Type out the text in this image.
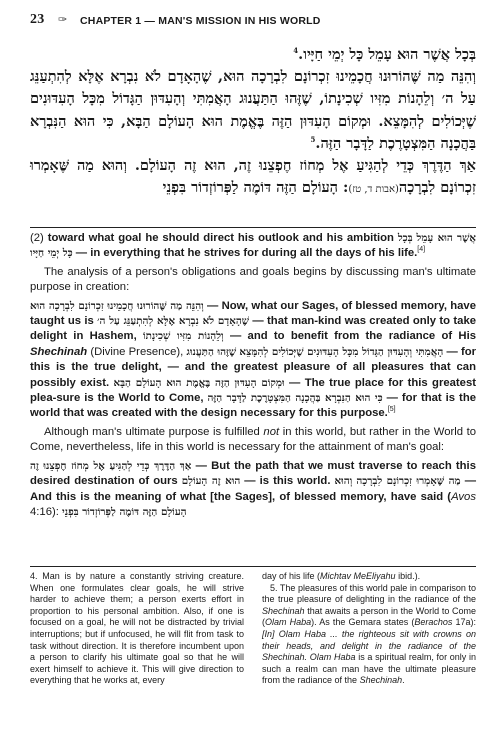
23 ✑ CHAPTER 1 — MAN'S MISSION IN HIS WORLD

בְּכָל אֲשֶׁר הוּא עָמֵל כָּל יְמֵי חַיָּיו.$^4$

וְהִנֵּה מַה שֶּׁהוֹרוּנוּ חֲכָמֵינוּ זִכְרוֹנָם לִבְרָכָה הוּא, שֶׁהָאָדָם לֹא נִבְרָא אֶלָּא לְהִתְעַנֵּג עַל ה׳ וְלֵהָנוֹת מִזִּיו שְׁכִינָתוֹ, שֶׁזֶּהוּ הַתַּעֲנוּג הָאֲמִתִּי וְהָעִדּוּן הַגָּדוֹל מִכָּל הָעִדּוּנִים שֶׁיְּכוֹלִים לְהִמָּצֵא. וּמְקוֹם הָעִדּוּן הַזֶּה בֶּאֱמֶת הוּא הָעוֹלָם הַבָּא, כִּי הוּא הַנִּבְרָא בַּהֲכָנָה הַמִּצְטָרֶכֶת לַדָּבָר הַזֶּה.$^5$

אַךְ הַדֶּרֶךְ כְּדֵי לְהַגִּיעַ אֶל מְחוֹז חֶפְצֵנוּ זֶה, הוּא זֶה הָעוֹלָם. וְהוּא מַה שֶּׁאָמְרוּ זִכְרוֹנָם לִבְרָכָה(אבות ד, טז): הָעוֹלָם הַזֶּה דּוֹמֶה לַפְּרוֹזְדוֹר בִּפְנֵי

(2) toward what goal he should direct his outlook and his ambition בְּכָל אֲשֶׁר הוּא עָמֵל כָּל יְמֵי חַיָּיו — in everything that he strives for during all the days of his life.[4]

The analysis of a person's obligations and goals begins by discussing man's ultimate purpose in creation:

וְהִנֵּה מַה שֶּׁהוֹרוּנוּ חֲכָמֵינוּ זִכְרוֹנָם לִבְרָכָה הוּא — Now, what our Sages, of blessed memory, have taught us is שֶׁהָאָדָם לֹא נִבְרָא אֶלָּא לְהִתְעַנֵּג עַל ה׳ — that man-kind was created only to take delight in Hashem, וְלֵהָנוֹת מִזִּיו שְׁכִינָתוֹ — and to benefit from the radiance of His Shechinah (Divine Presence), שֶׁזֶּהוּ הַתַּעֲנוּג הָאֲמִתִּי וְהָעִדּוּן הַגָּדוֹל מִכָּל הָעִדּוּנִים שֶׁיְּכוֹלִים לְהִמָּצֵא — for this is the true delight, — and the greatest pleasure of all pleasures that can possibly exist. וּמְקוֹם הָעִדּוּן הַזֶּה בֶּאֱמֶת הוּא הָעוֹלָם הַבָּא — The true place for this greatest plea-sure is the World to Come, כִּי הוּא הַנִּבְרָא בַּהֲכָנָה הַמִּצְטָרֶכֶת לַדָּבָר הַזֶּה — for that is the world that was created with the design necessary for this purpose.[5]

Although man's ultimate purpose is fulfilled not in this world, but rather in the World to Come, nevertheless, life in this world is necessary for the attainment of man's goal:

אַךְ הַדֶּרֶךְ כְּדֵי לְהַגִּיעַ אֶל מְחוֹז חֶפְצֵנוּ זֶה — But the path that we must traverse to reach this desired destination of ours הוּא זֶה הָעוֹלָם — is this world. וְהוּא מַה שֶּׁאָמְרוּ זִכְרוֹנָם לִבְרָכָה — And this is the meaning of what [the Sages], of blessed memory, have said (Avos 4:16): הָעוֹלָם הַזֶּה דּוֹמֶה לַפְּרוֹזְדוֹר בִּפְנֵי

4. Man is by nature a constantly striving creature. When one formulates clear goals, he will strive harder to achieve them; a person exerts effort in proportion to his personal ambition. Also, if one is focused on a goal, he will not be distracted by trivial interruptions; but if unfocused, he will flit from task to task without direction. It is therefore incumbent upon a person to clarify his ultimate goal so that he will exert himself to achieve it. This will give direction to everything that he works at, every

day of his life (Michtav MeEliyahu ibid.).

5. The pleasures of this world pale in comparison to the true pleasure of delighting in the radiance of the Shechinah that awaits a person in the World to Come (Olam Haba). As the Gemara states (Berachos 17a): [In] Olam Haba ... the righteous sit with crowns on their heads, and delight in the radiance of the Shechinah. Olam Haba is a spiritual realm, for only in such a realm can man have the ultimate pleasure from the radiance of the Shechinah.
